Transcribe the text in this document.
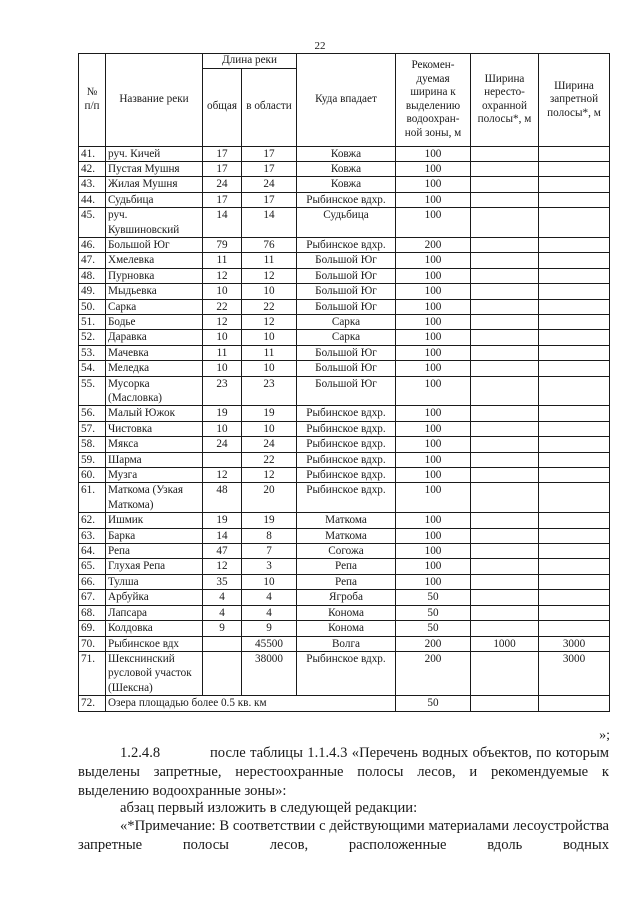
22
№ п/п	Название реки	Длина реки		Куда впадает	Рекомен-дуемая ширина к выделению водоохран-ной зоны, м	Ширина нересто-охранной полосы*, м	Ширина запретной полосы*, м
		общая	в области				
41.	руч. Кичей	17	17	Ковжа	100		
42.	Пустая Мушня	17	17	Ковжа	100		
43.	Жилая Мушня	24	24	Ковжа	100		
44.	Судьбица	17	17	Рыбинское вдхр.	100		
45.	руч. Кувшиновский	14	14	Судьбица	100		
46.	Большой Юг	79	76	Рыбинское вдхр.	200		
47.	Хмелевка	11	11	Большой Юг	100		
48.	Пурновка	12	12	Большой Юг	100		
49.	Мыдьевка	10	10	Большой Юг	100		
50.	Сарка	22	22	Большой Юг	100		
51.	Бодье	12	12	Сарка	100		
52.	Даравка	10	10	Сарка	100		
53.	Мачевка	11	11	Большой Юг	100		
54.	Меледка	10	10	Большой Юг	100		
55.	Мусорка (Масловка)	23	23	Большой Юг	100		
56.	Малый Южок	19	19	Рыбинское вдхр.	100		
57.	Чистовка	10	10	Рыбинское вдхр.	100		
58.	Мякса	24	24	Рыбинское вдхр.	100		
59.	Шарма		22	Рыбинское вдхр.	100		
60.	Музга	12	12	Рыбинское вдхр.	100		
61.	Маткома (Узкая Маткома)	48	20	Рыбинское вдхр.	100		
62.	Ишмик	19	19	Маткома	100		
63.	Барка	14	8	Маткома	100		
64.	Репа	47	7	Согожа	100		
65.	Глухая Репа	12	3	Репа	100		
66.	Тулша	35	10	Репа	100		
67.	Арбуйка	4	4	Ягроба	50		
68.	Лапсара	4	4	Конома	50		
69.	Колдовка	9	9	Конома	50		
70.	Рыбинское вдх		45500	Волга	200	1000	3000
71.	Шекснинский русловой участок (Шексна)		38000	Рыбинское вдхр.	200		3000
72.	Озера площадью более 0.5 кв. км				50		
»;
1.2.4.8	после таблицы 1.1.4.3 «Перечень водных объектов, по которым выделены запретные, нерестоохранные полосы лесов, и рекомендуемые к выделению водоохранные зоны»:
абзац первый изложить в следующей редакции:
«*Примечание: В соответствии с действующими материалами лесоустройства запретные полосы лесов, расположенные вдоль водных
